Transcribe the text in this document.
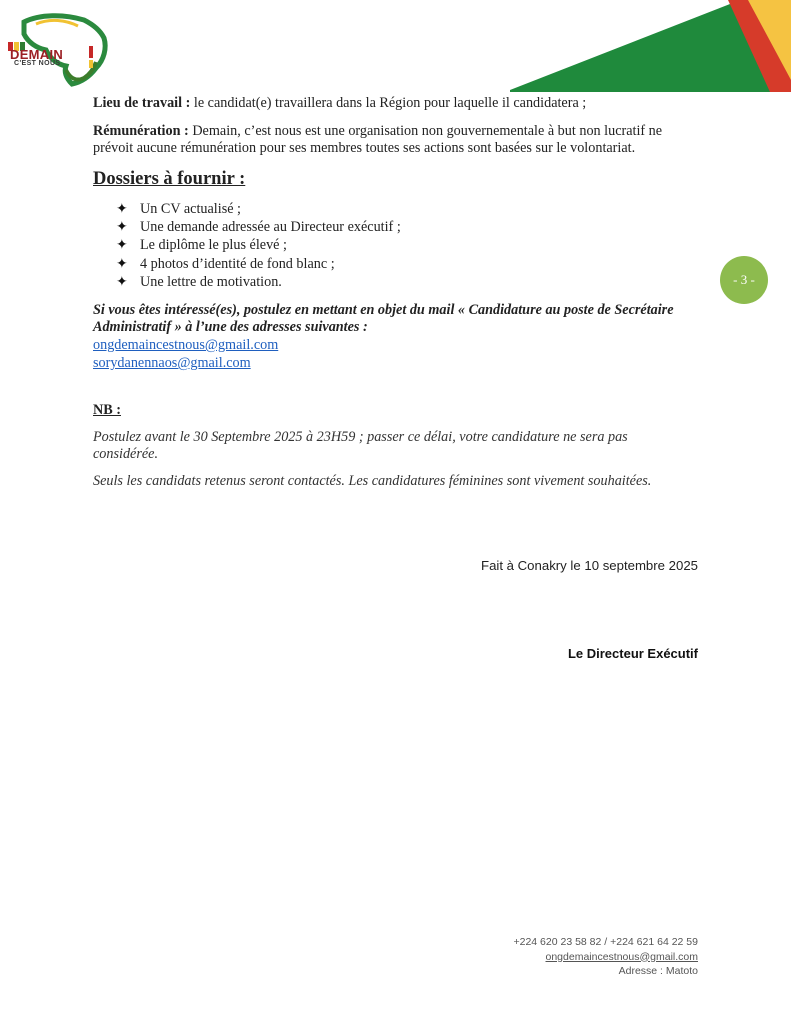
DEMAIN
C'EST NOUS
Lieu de travail : le candidat(e) travaillera dans la Région pour laquelle il candidatera ;
Rémunération : Demain, c’est nous est une organisation non gouvernementale à but non lucratif ne prévoit aucune rémunération pour ses membres toutes ses actions sont basées sur le volontariat.
Dossiers à fournir :
✦ Un CV actualisé ;
✦ Une demande adressée au Directeur exécutif ;
✦ Le diplôme le plus élevé ;
✦ 4 photos d’identité de fond blanc ;
✦ Une lettre de motivation.
Si vous êtes intéressé(es), postulez en mettant en objet du mail « Candidature au poste de Secrétaire Administratif » à l’une des adresses suivantes :
ongdemaincestnous@gmail.com
sorydanennaos@gmail.com
- 3 -
NB :
Postulez avant le 30 Septembre 2025 à 23H59 ; passer ce délai, votre candidature ne sera pas considérée.
Seuls les candidats retenus seront contactés. Les candidatures féminines sont vivement souhaitées.
Fait à Conakry le 10 septembre 2025
Le Directeur Exécutif
+224 620 23 58 82 / +224 621 64 22 59
ongdemaincestnous@gmail.com
Adresse : Matoto
